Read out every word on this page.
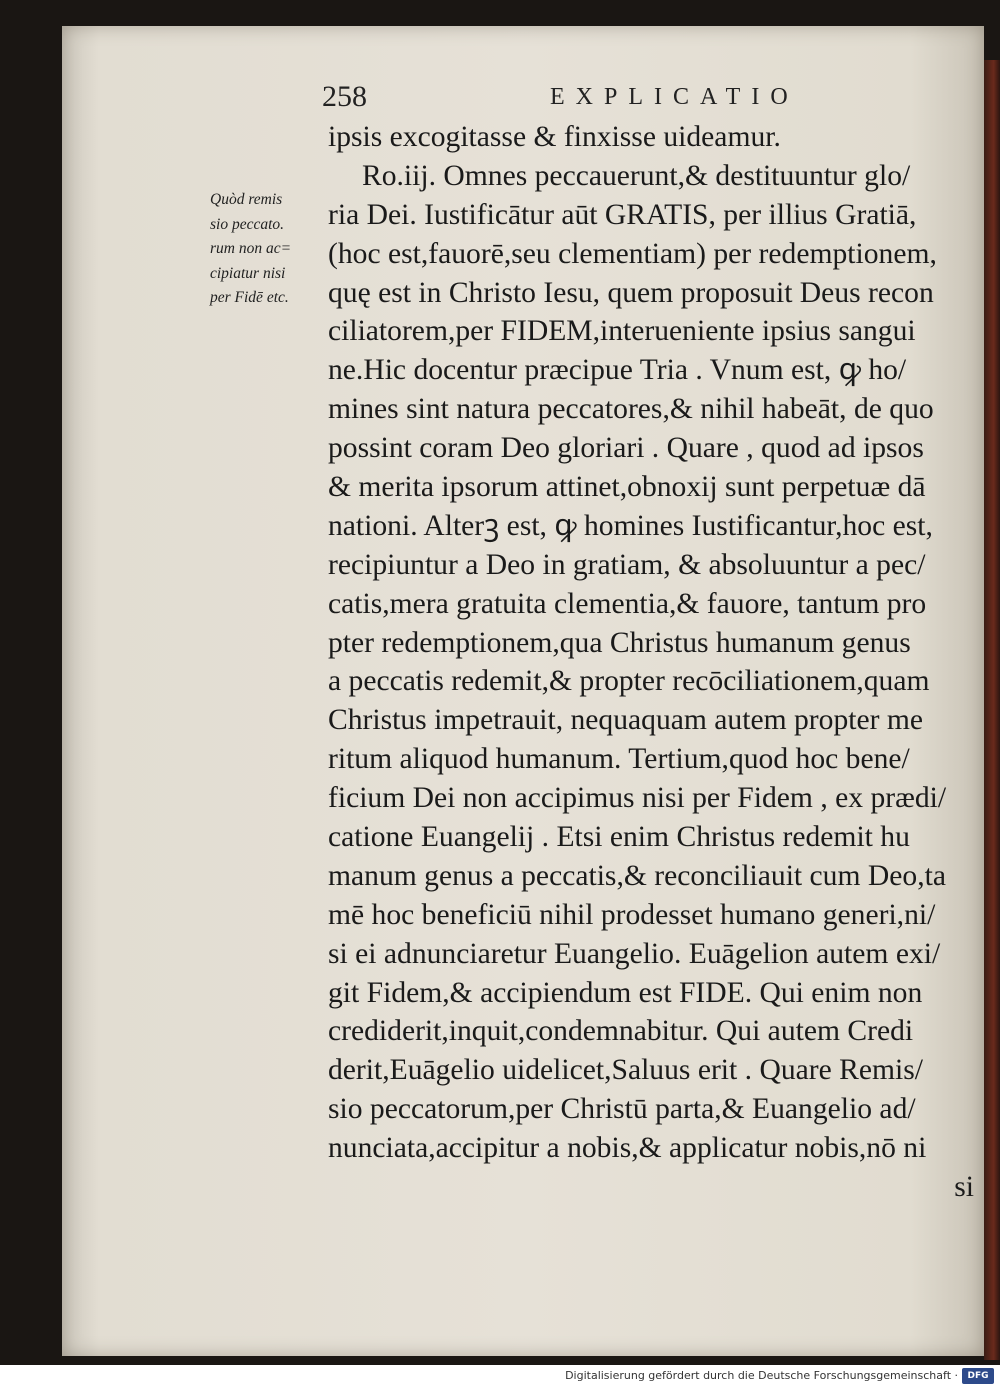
258	EXPLICATIO
Quòd remis
sio peccato.
rum non ac=
cipiatur nisi
per Fidē etc.
ipsis excogitasse & finxisse uideamur.
Ro.iij. Omnes peccauerunt,& destituuntur glo/
ria Dei. Iustificātur aūt GRATIS, per illius Gratiā,
(hoc est,fauorē,seu clementiam) per redemptionem,
quę est in Christo Iesu, quem proposuit Deus recon
ciliatorem,per FIDEM,interueniente ipsius sangui
ne.Hic docentur præcipue Tria . Vnum est, ꝙ ho/
mines sint natura peccatores,& nihil habeāt, de quo
possint coram Deo gloriari . Quare , quod ad ipsos
& merita ipsorum attinet,obnoxij sunt perpetuæ dā
nationi. Alterꝫ est, ꝙ homines Iustificantur,hoc est,
recipiuntur a Deo in gratiam, & absoluuntur a pec/
catis,mera gratuita clementia,& fauore, tantum pro
pter redemptionem,qua Christus humanum genus
a peccatis redemit,& propter recōciliationem,quam
Christus impetrauit, nequaquam autem propter me
ritum aliquod humanum. Tertium,quod hoc bene/
ficium Dei non accipimus nisi per Fidem , ex prædi/
catione Euangelij . Etsi enim Christus redemit hu
manum genus a peccatis,& reconciliauit cum Deo,ta
mē hoc beneficiū nihil prodesset humano generi,ni/
si ei adnunciaretur Euangelio. Euāgelion autem exi/
git Fidem,& accipiendum est FIDE. Qui enim non
crediderit,inquit,condemnabitur. Qui autem Credi
derit,Euāgelio uidelicet,Saluus erit . Quare Remis/
sio peccatorum,per Christū parta,& Euangelio ad/
nunciata,accipitur a nobis,& applicatur nobis,nō ni
si
Digitalisierung gefördert durch die Deutsche Forschungsgemeinschaft ·	DFG
